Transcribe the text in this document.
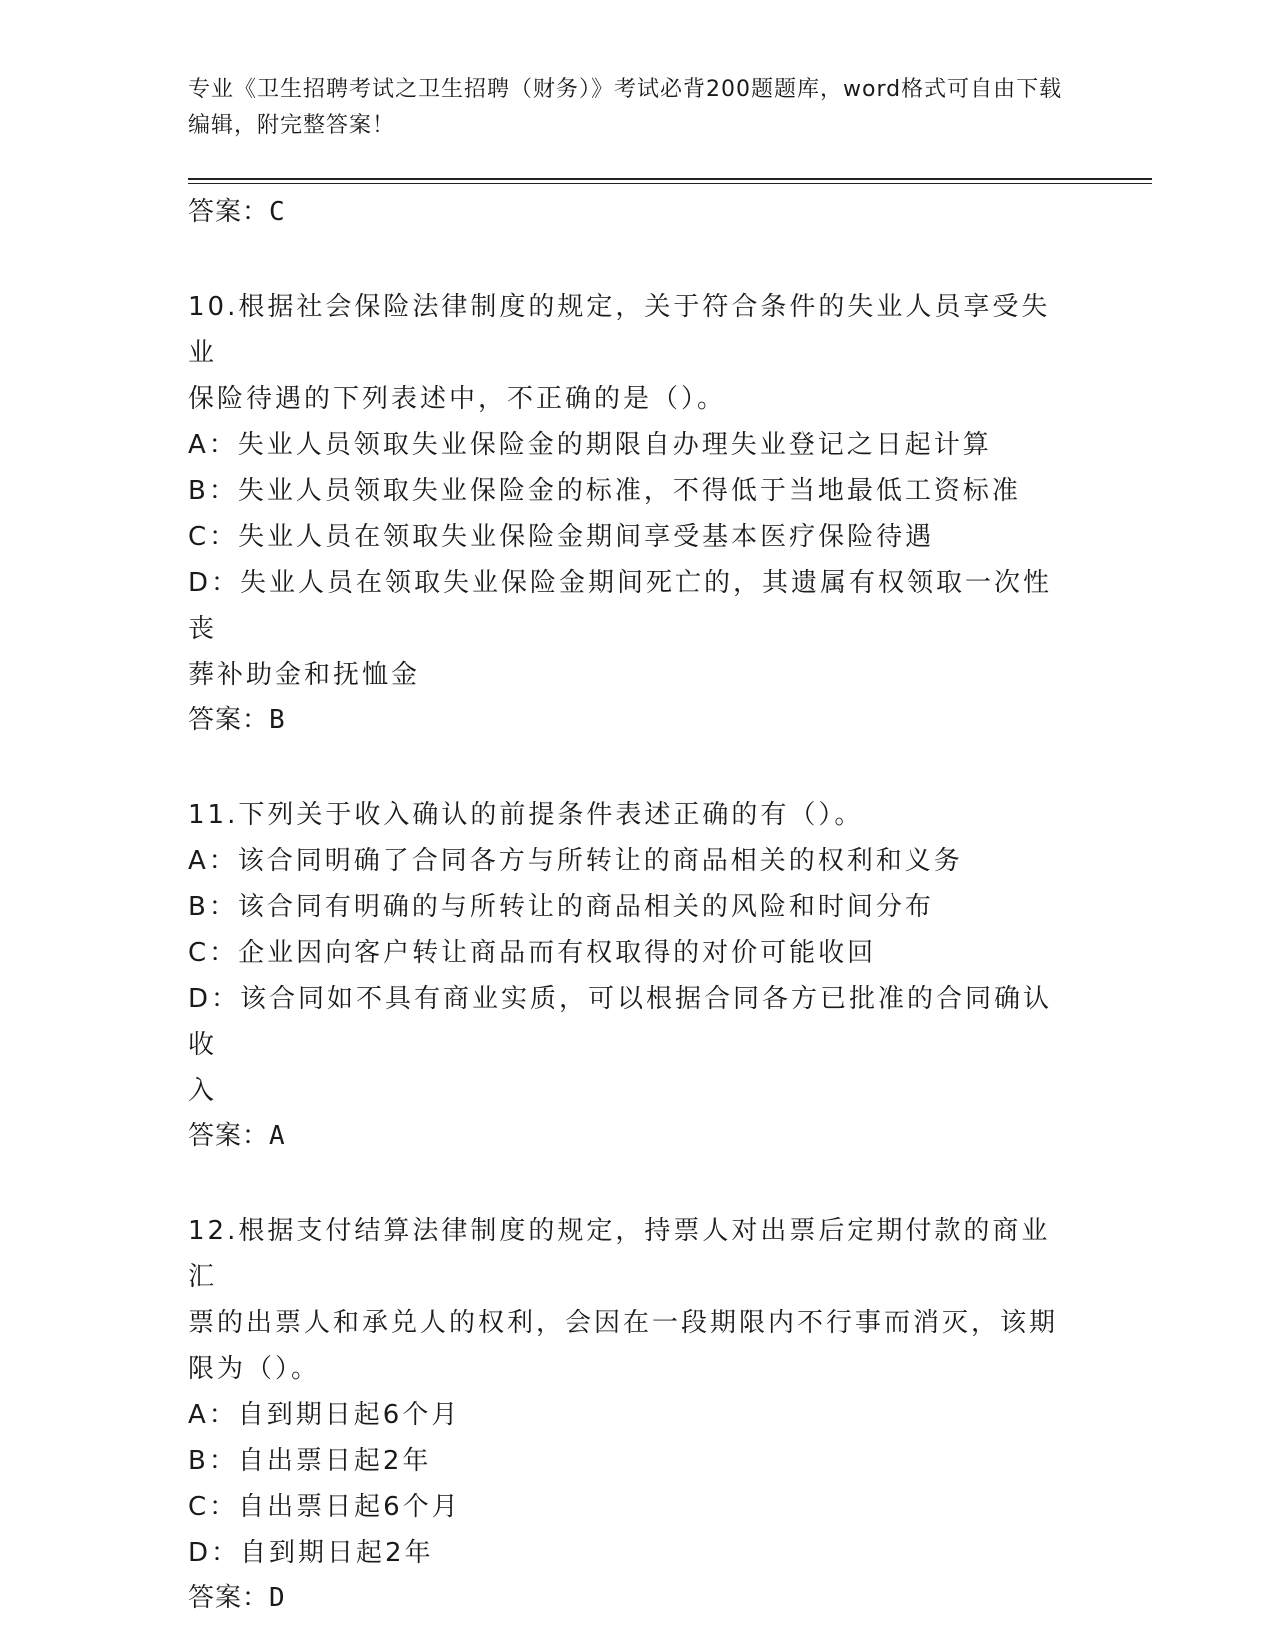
专业《卫生招聘考试之卫生招聘（财务）》考试必背200题题库，word格式可自由下载编辑，附完整答案！

答案：C

10.根据社会保险法律制度的规定，关于符合条件的失业人员享受失业

保险待遇的下列表述中，不正确的是（）。

A：失业人员领取失业保险金的期限自办理失业登记之日起计算

B：失业人员领取失业保险金的标准，不得低于当地最低工资标准

C：失业人员在领取失业保险金期间享受基本医疗保险待遇

D：失业人员在领取失业保险金期间死亡的，其遗属有权领取一次性丧

葬补助金和抚恤金

答案：B

11.下列关于收入确认的前提条件表述正确的有（）。

A：该合同明确了合同各方与所转让的商品相关的权利和义务

B：该合同有明确的与所转让的商品相关的风险和时间分布

C：企业因向客户转让商品而有权取得的对价可能收回

D：该合同如不具有商业实质，可以根据合同各方已批准的合同确认收

入

答案：A

12.根据支付结算法律制度的规定，持票人对出票后定期付款的商业汇

票的出票人和承兑人的权利，会因在一段期限内不行事而消灭，该期

限为（）。

A：自到期日起6个月

B：自出票日起2年

C：自出票日起6个月

D：自到期日起2年

答案：D
